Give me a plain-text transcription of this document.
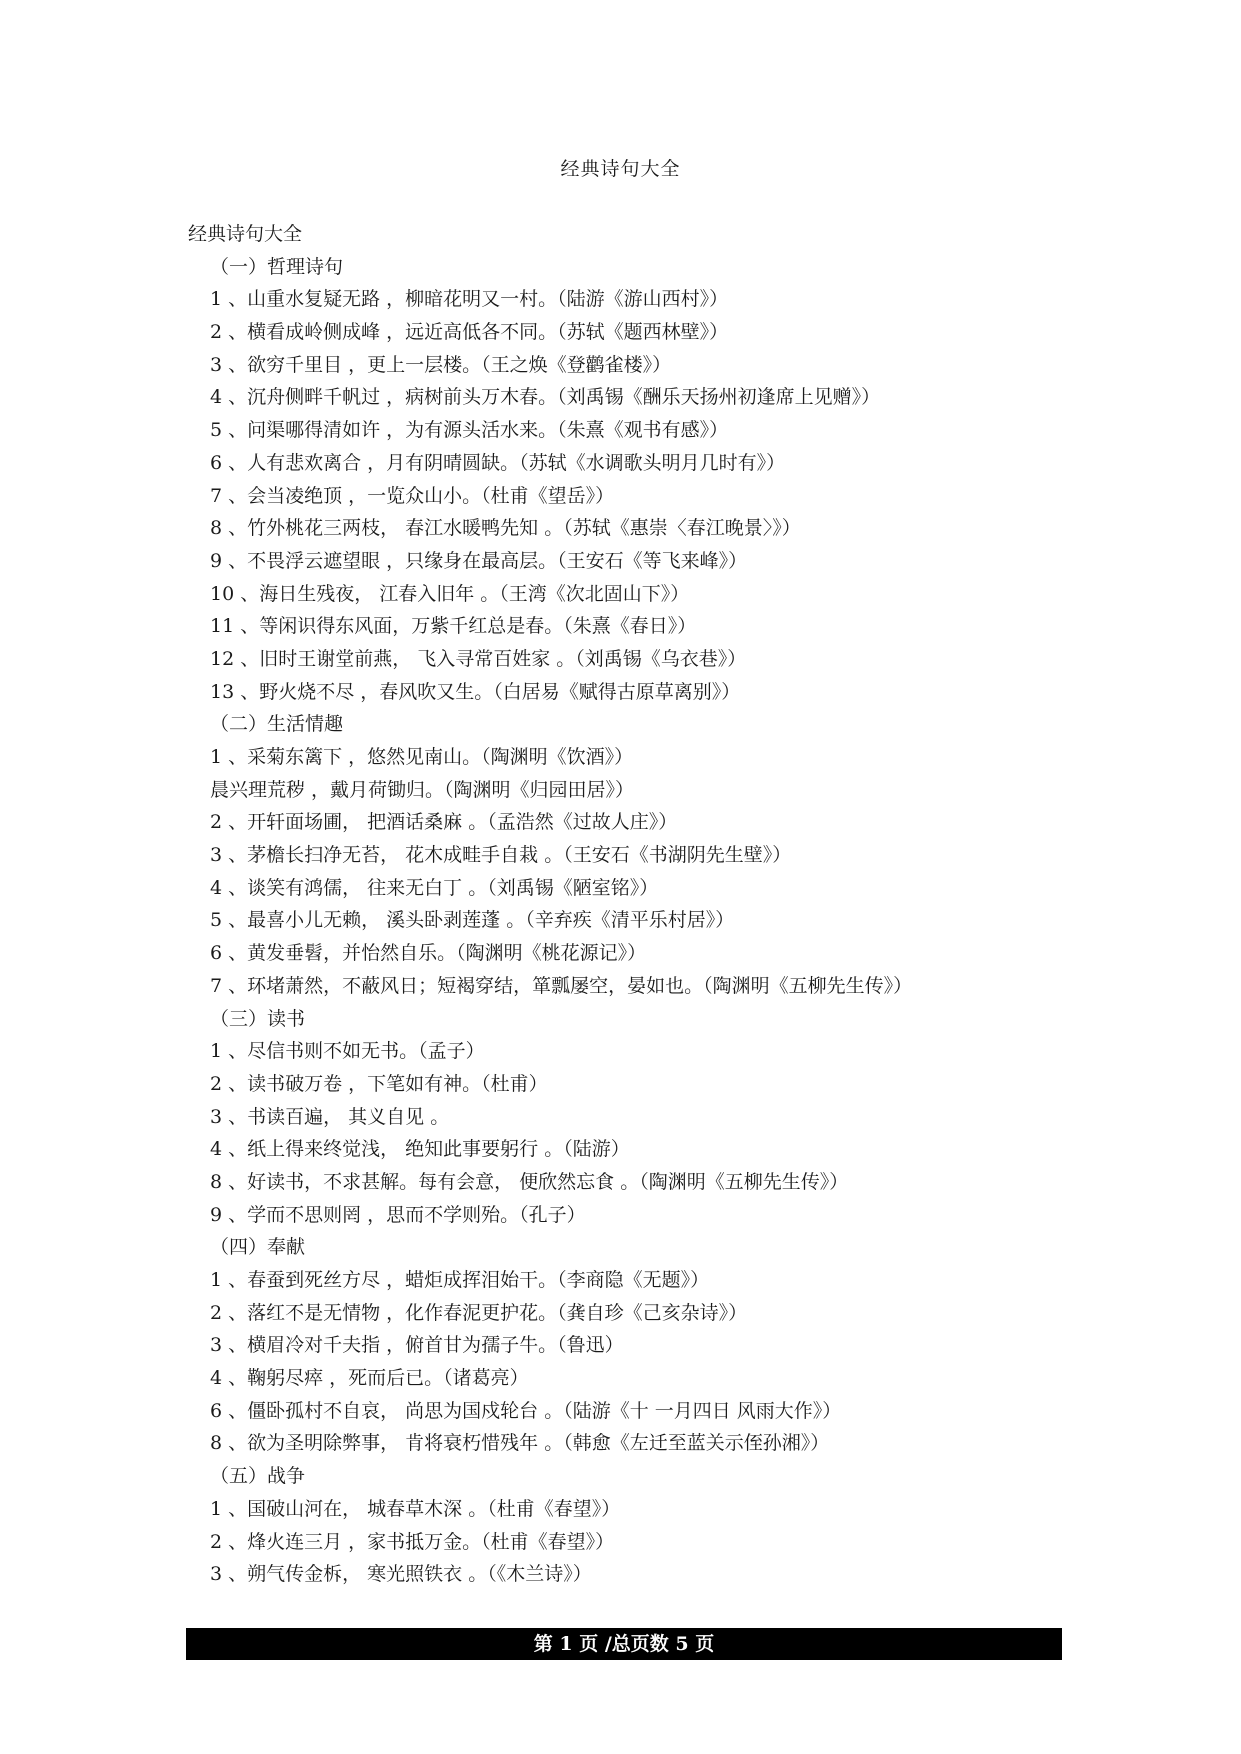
经典诗句大全
经典诗句大全
（一）哲理诗句
1 、山重水复疑无路 ，柳暗花明又一村。（陆游《游山西村》）
2 、横看成岭侧成峰 ，远近高低各不同。（苏轼《题西林壁》）
3 、欲穷千里目 ，更上一层楼。（王之焕《登鹳雀楼》）
4 、沉舟侧畔千帆过 ，病树前头万木春。（刘禹锡《酬乐天扬州初逢席上见赠》）
5 、问渠哪得清如许 ，为有源头活水来。（朱熹《观书有感》）
6 、人有悲欢离合 ，月有阴晴圆缺。（苏轼《水调歌头明月几时有》）
7 、会当凌绝顶 ，一览众山小。（杜甫《望岳》）
8 、竹外桃花三两枝， 春江水暖鸭先知 。（苏轼《惠崇〈春江晚景〉》）
9 、不畏浮云遮望眼 ，只缘身在最高层。（王安石《等飞来峰》）
10 、海日生残夜， 江春入旧年 。（王湾《次北固山下》）
11 、等闲识得东风面，万紫千红总是春。（朱熹《春日》）
12 、旧时王谢堂前燕， 飞入寻常百姓家 。（刘禹锡《乌衣巷》）
13 、野火烧不尽 ，春风吹又生。（白居易《赋得古原草离别》）
（二）生活情趣
1 、采菊东篱下 ，悠然见南山。（陶渊明《饮酒》）
晨兴理荒秽 ，戴月荷锄归。（陶渊明《归园田居》）
2 、开轩面场圃， 把酒话桑麻 。（孟浩然《过故人庄》）
3 、茅檐长扫净无苔， 花木成畦手自栽 。（王安石《书湖阴先生壁》）
4 、谈笑有鸿儒， 往来无白丁 。（刘禹锡《陋室铭》）
5 、最喜小儿无赖， 溪头卧剥莲蓬 。（辛弃疾《清平乐村居》）
6 、黄发垂髫，并怡然自乐。（陶渊明《桃花源记》）
7 、环堵萧然，不蔽风日；短褐穿结，箪瓢屡空，晏如也。（陶渊明《五柳先生传》）
（三）读书
1 、尽信书则不如无书。（孟子）
2 、读书破万卷 ，下笔如有神。（杜甫）
3 、书读百遍， 其义自见 。
4 、纸上得来终觉浅， 绝知此事要躬行 。（陆游）
8 、好读书，不求甚解。每有会意， 便欣然忘食 。（陶渊明《五柳先生传》）
9 、学而不思则罔 ，思而不学则殆。（孔子）
（四）奉献
1 、春蚕到死丝方尽 ，蜡炬成挥泪始干。（李商隐《无题》）
2 、落红不是无情物 ，化作春泥更护花。（龚自珍《己亥杂诗》）
3 、横眉冷对千夫指 ，俯首甘为孺子牛。（鲁迅）
4 、鞠躬尽瘁 ，死而后已。（诸葛亮）
6 、僵卧孤村不自哀， 尚思为国戍轮台 。（陆游《十 一月四日 风雨大作》）
8 、欲为圣明除弊事， 肯将衰朽惜残年 。（韩愈《左迁至蓝关示侄孙湘》）
（五）战争
1 、国破山河在， 城春草木深 。（杜甫《春望》）
2 、烽火连三月 ，家书抵万金。（杜甫《春望》）
3 、朔气传金柝， 寒光照铁衣 。（《木兰诗》）
第 1 页 /总页数 5 页
